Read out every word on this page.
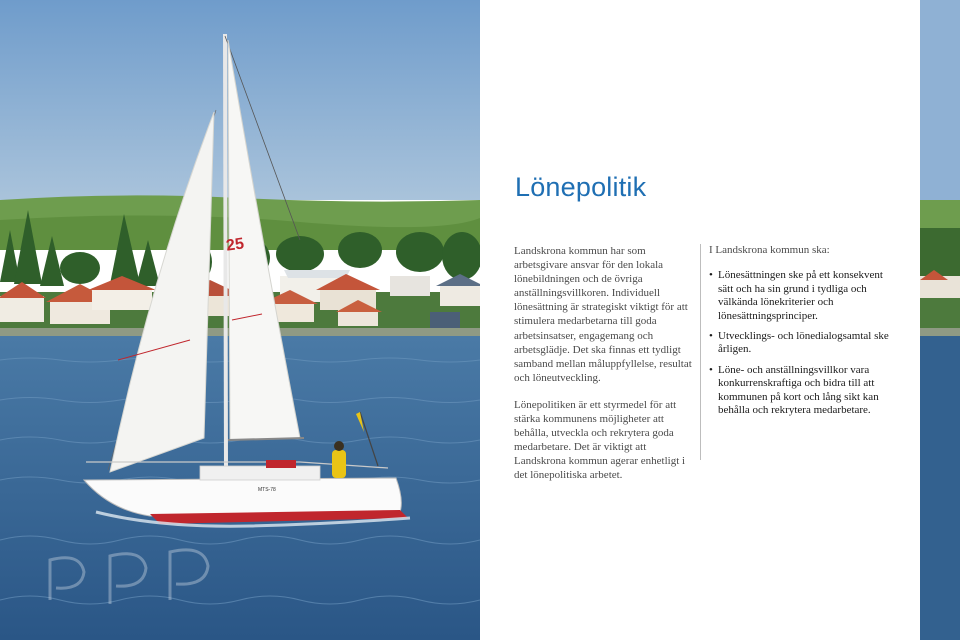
25
MTS-78
Lönepolitik

Landskrona kommun har som arbetsgivare ansvar för den lokala lönebildningen och de övriga anställningsvillkoren. Individuell lönesättning är strategiskt viktigt för att stimulera medarbetarna till goda arbetsinsatser, engagemang och arbetsglädje. Det ska finnas ett tydligt samband mellan måluppfyllelse, resultat och löneutveckling.

Lönepolitiken är ett styrmedel för att stärka kommunens möjligheter att behålla, utveckla och rekrytera goda medarbetare. Det är viktigt att Landskrona kommun agerar enhetligt i det lönepolitiska arbetet.

I Landskrona kommun ska:

• Lönesättningen ske på ett konsekvent sätt och ha sin grund i tydliga och välkända lönekriterier och lönesättningsprinciper.
• Utvecklings- och lönedialogsamtal ske årligen.
• Löne- och anställningsvillkor vara konkurrenskraftiga och bidra till att kommunen på kort och lång sikt kan behålla och rekrytera medarbetare.
